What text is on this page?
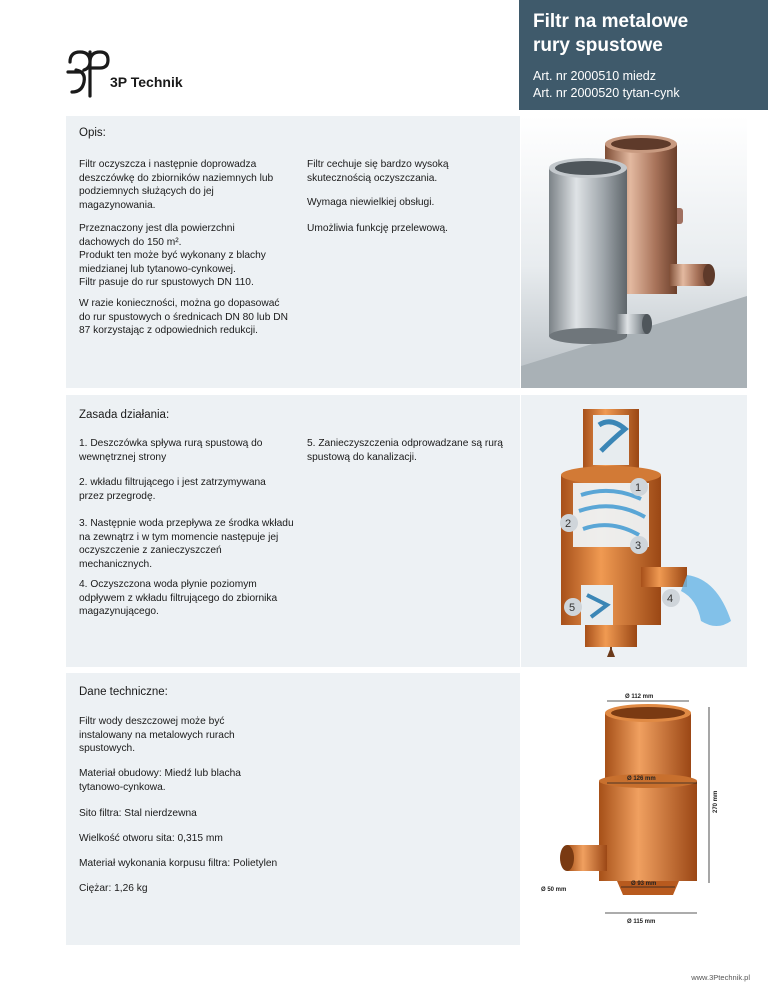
Filtr na metalowe
rury spustowe
Art. nr 2000510 miedz
Art. nr 2000520 tytan-cynk
3P Technik
Opis:

Filtr oczyszcza i następnie doprowadza deszczówkę do zbiorników naziemnych lub podziemnych służących do jej magazynowania.

Przeznaczony jest dla powierzchni dachowych do 150 m².
Produkt ten może być wykonany z blachy miedzianej lub tytanowo-cynkowej.
Filtr pasuje do rur spustowych DN 110.

W razie konieczności, można go dopasować do rur spustowych o średnicach DN 80 lub DN 87 korzystając z odpowiednich redukcji.

Filtr cechuje się bardzo wysoką skutecznością oczyszczania.

Wymaga niewielkiej obsługi.

Umożliwia funkcję przelewową.

Zasada działania:

1. Deszczówka spływa rurą spustową do wewnętrznej strony

2. wkładu filtrującego i jest zatrzymywana przez przegrodę.

3. Następnie woda przepływa ze środka wkładu na zewnątrz i w tym momencie następuje jej oczyszczenie z zanieczyszczeń mechanicznych.

4. Oczyszczona woda płynie poziomym odpływem z wkładu filtrującego do zbiornika magazynującego.

5. Zanieczyszczenia odprowadzane są rurą spustową do kanalizacji.

1
2
3
4
5
Dane techniczne:

Filtr wody deszczowej może być instalowany na metalowych rurach spustowych.

Materiał obudowy: Miedź lub blacha tytanowo-cynkowa.

Sito filtra: Stal nierdzewna

Wielkość otworu sita: 0,315 mm

Materiał wykonania korpusu filtra: Polietylen

Ciężar: 1,26 kg

Ø 112 mm
Ø 126 mm
270 mm
Ø 50 mm
Ø 93 mm
Ø 115 mm
www.3Ptechnik.pl
